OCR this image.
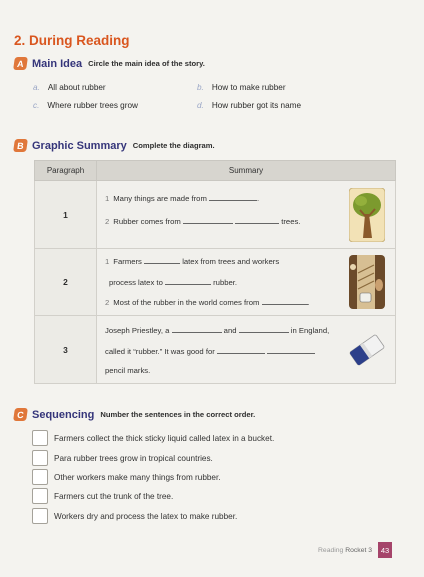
2. During Reading
A Main Idea Circle the main idea of the story.
a. All about rubber	b. How to make rubber
c. Where rubber trees grow	d. How rubber got its name
B Graphic Summary Complete the diagram.
Paragraph	Summary
1	1 Many things are made from .
2 Rubber comes from trees.

2	1 Farmers latex from trees and workers
process latex to rubber.
2 Most of the rubber in the world comes from .

3	Joseph Priestley, a and in England,
called it “rubber.” It was good for
pencil marks.
C Sequencing Number the sentences in the correct order.
Farmers collect the thick sticky liquid called latex in a bucket.
Para rubber trees grow in tropical countries.
Other workers make many things from rubber.
Farmers cut the trunk of the tree.
Workers dry and process the latex to make rubber.
Reading Rocket 3	43
